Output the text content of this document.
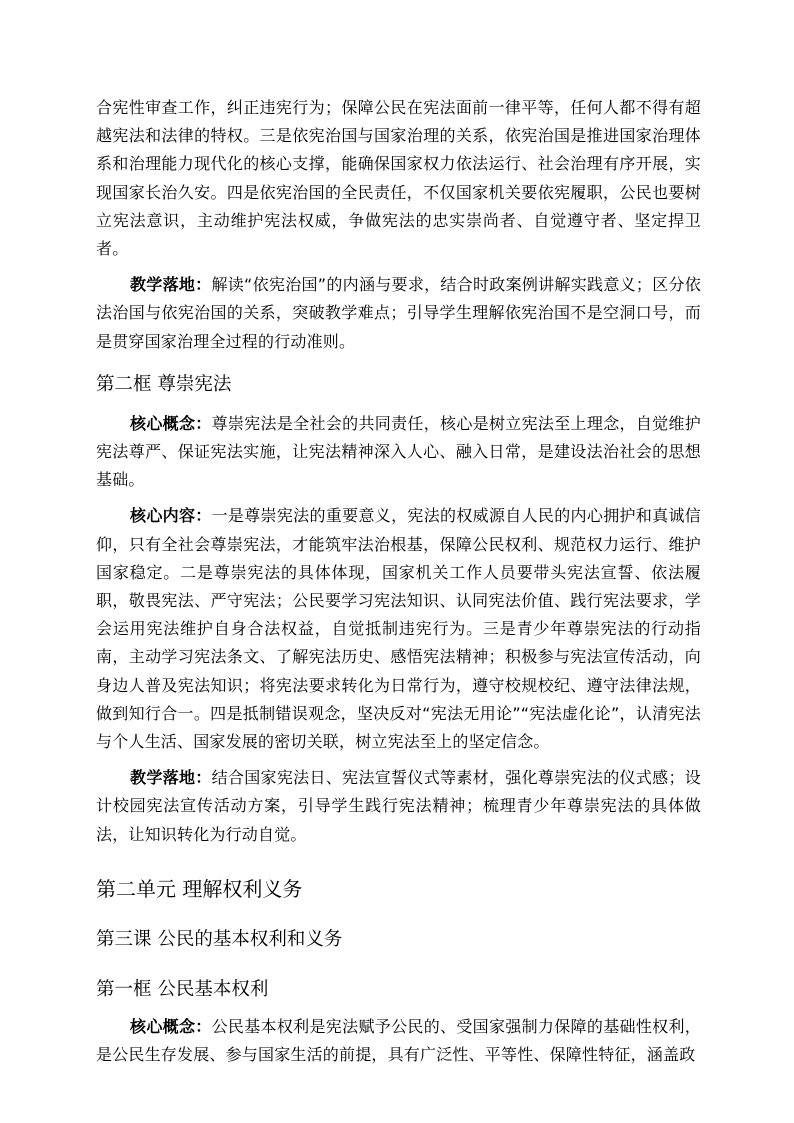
合宪性审查工作，纠正违宪行为；保障公民在宪法面前一律平等，任何人都不得有超越宪法和法律的特权。三是依宪治国与国家治理的关系，依宪治国是推进国家治理体系和治理能力现代化的核心支撑，能确保国家权力依法运行、社会治理有序开展，实现国家长治久安。四是依宪治国的全民责任，不仅国家机关要依宪履职，公民也要树立宪法意识，主动维护宪法权威，争做宪法的忠实崇尚者、自觉遵守者、坚定捍卫者。

教学落地：解读“依宪治国”的内涵与要求，结合时政案例讲解实践意义；区分依法治国与依宪治国的关系，突破教学难点；引导学生理解依宪治国不是空洞口号，而是贯穿国家治理全过程的行动准则。

第二框 尊崇宪法

核心概念：尊崇宪法是全社会的共同责任，核心是树立宪法至上理念，自觉维护宪法尊严、保证宪法实施，让宪法精神深入人心、融入日常，是建设法治社会的思想基础。

核心内容：一是尊崇宪法的重要意义，宪法的权威源自人民的内心拥护和真诚信仰，只有全社会尊崇宪法，才能筑牢法治根基，保障公民权利、规范权力运行、维护国家稳定。二是尊崇宪法的具体体现，国家机关工作人员要带头宪法宣誓、依法履职，敬畏宪法、严守宪法；公民要学习宪法知识、认同宪法价值、践行宪法要求，学会运用宪法维护自身合法权益，自觉抵制违宪行为。三是青少年尊崇宪法的行动指南，主动学习宪法条文、了解宪法历史、感悟宪法精神；积极参与宪法宣传活动，向身边人普及宪法知识；将宪法要求转化为日常行为，遵守校规校纪、遵守法律法规，做到知行合一。四是抵制错误观念，坚决反对“宪法无用论”“宪法虚化论”，认清宪法与个人生活、国家发展的密切关联，树立宪法至上的坚定信念。

教学落地：结合国家宪法日、宪法宣誓仪式等素材，强化尊崇宪法的仪式感；设计校园宪法宣传活动方案，引导学生践行宪法精神；梳理青少年尊崇宪法的具体做法，让知识转化为行动自觉。

第二单元 理解权利义务
第三课 公民的基本权利和义务
第一框 公民基本权利

核心概念：公民基本权利是宪法赋予公民的、受国家强制力保障的基础性权利，是公民生存发展、参与国家生活的前提，具有广泛性、平等性、保障性特征，涵盖政
